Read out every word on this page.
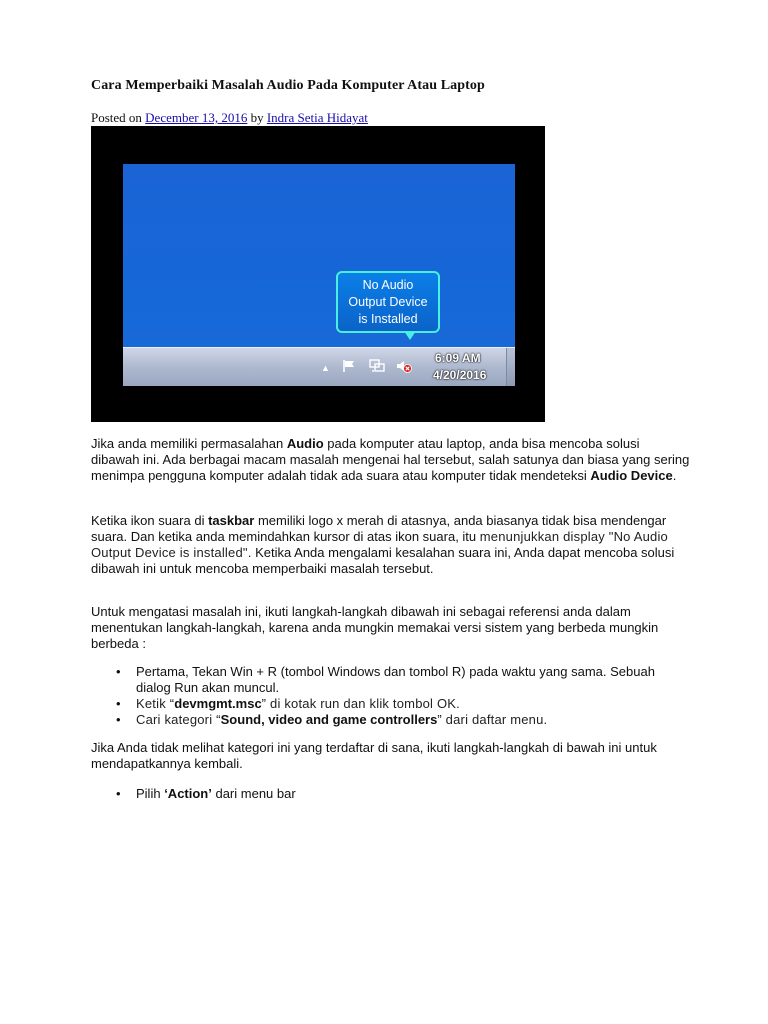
Cara Memperbaiki Masalah Audio Pada Komputer Atau Laptop
Posted on December 13, 2016 by Indra Setia Hidayat
No Audio
Output Device
is Installed
▲
6:09 AM
4/20/2016

Jika anda memiliki permasalahan Audio pada komputer atau laptop, anda bisa mencoba solusi dibawah ini. Ada berbagai macam masalah mengenai hal tersebut, salah satunya dan biasa yang sering menimpa pengguna komputer adalah tidak ada suara atau komputer tidak mendeteksi Audio Device.

Ketika ikon suara di taskbar memiliki logo x merah di atasnya, anda biasanya tidak bisa mendengar suara. Dan ketika anda memindahkan kursor di atas ikon suara, itu menunjukkan display "No Audio Output Device is installed". Ketika Anda mengalami kesalahan suara ini, Anda dapat mencoba solusi dibawah ini untuk mencoba memperbaiki masalah tersebut.

Untuk mengatasi masalah ini, ikuti langkah-langkah dibawah ini sebagai referensi anda dalam menentukan langkah-langkah, karena anda mungkin memakai versi sistem yang berbeda mungkin berbeda :

• Pertama, Tekan Win + R (tombol Windows dan tombol R) pada waktu yang sama. Sebuah dialog Run akan muncul.
• Ketik “devmgmt.msc” di kotak run dan klik tombol OK.
• Cari kategori “Sound, video and game controllers” dari daftar menu.

Jika Anda tidak melihat kategori ini yang terdaftar di sana, ikuti langkah-langkah di bawah ini untuk mendapatkannya kembali.

• Pilih ‘Action’ dari menu bar
